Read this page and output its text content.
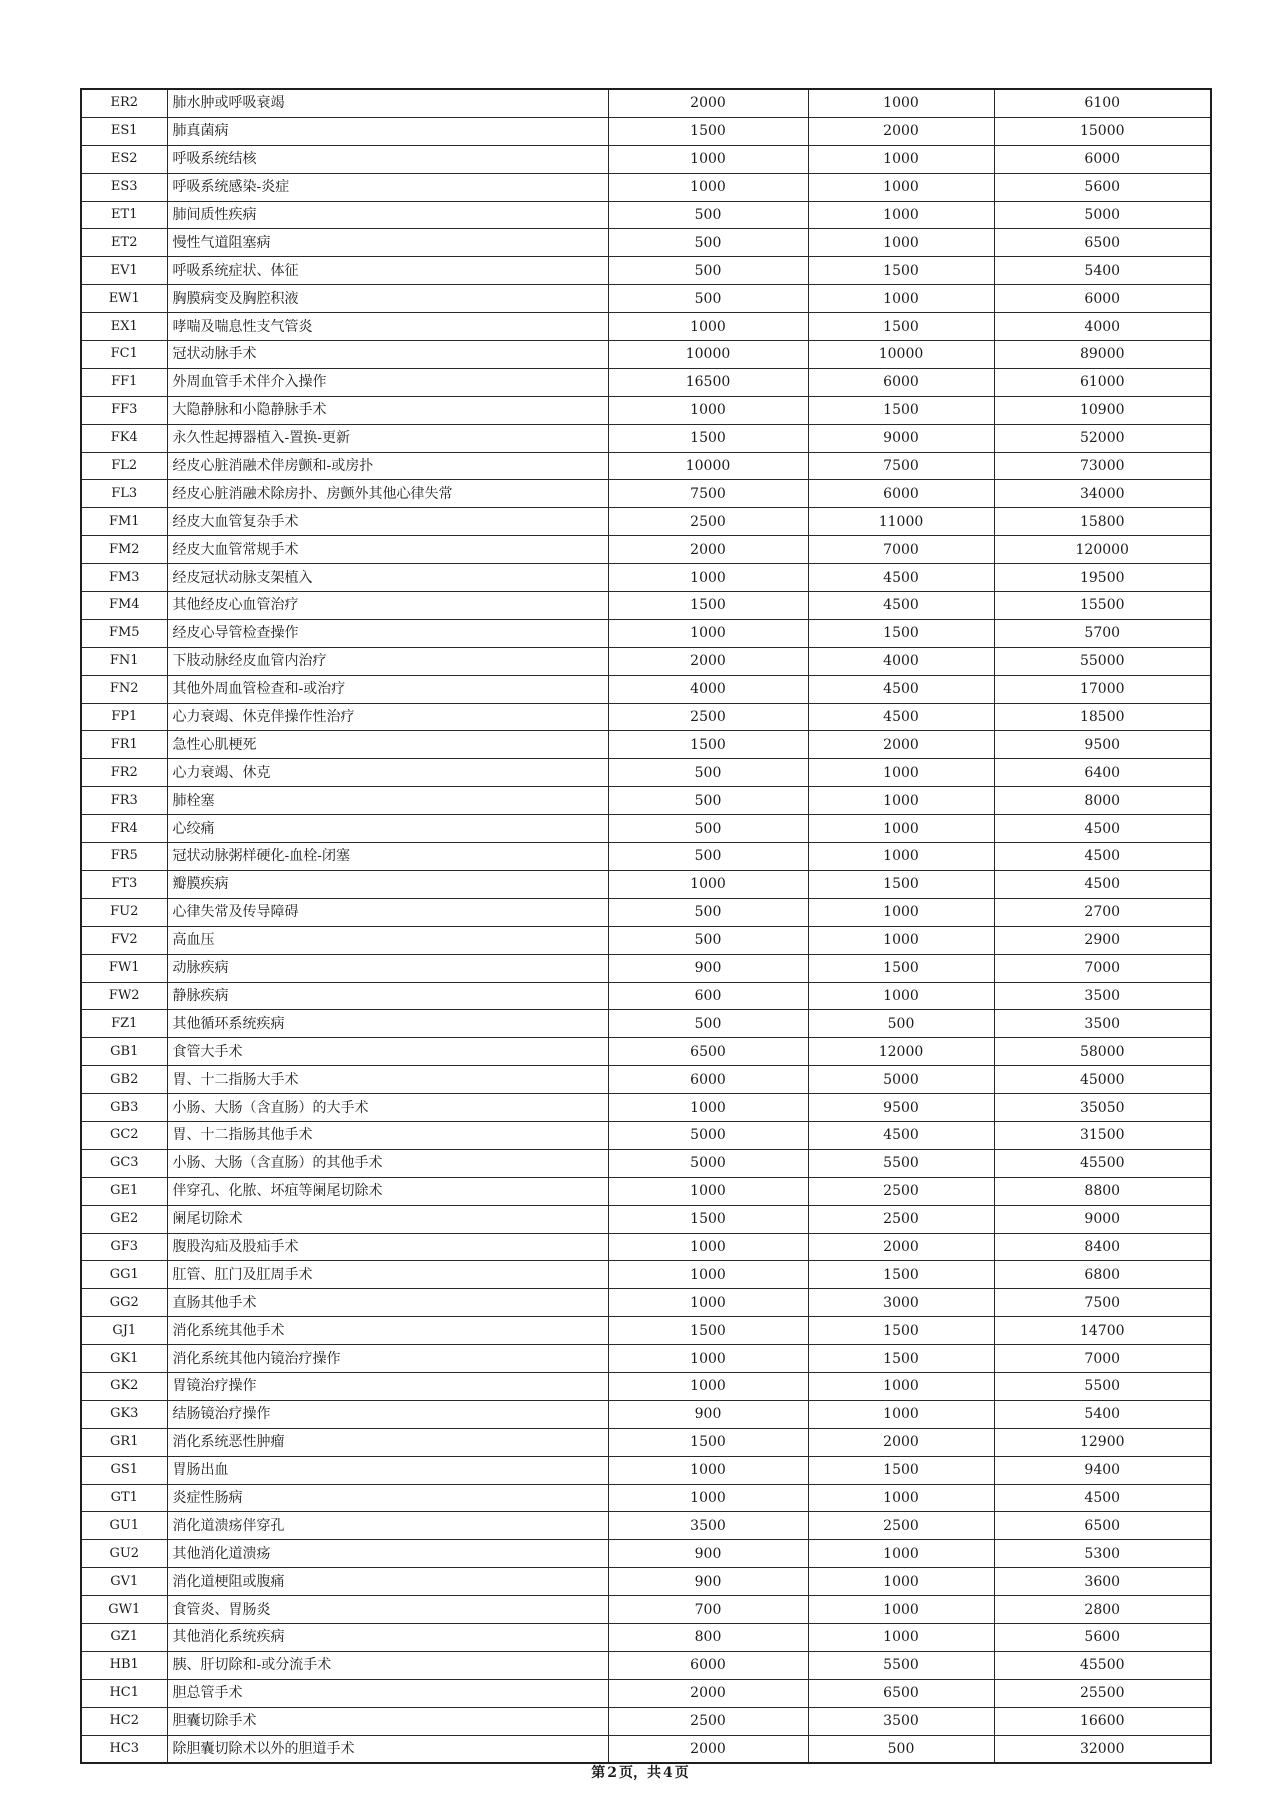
ER2	肺水肿或呼吸衰竭	2000	1000	6100
ES1	肺真菌病	1500	2000	15000
ES2	呼吸系统结核	1000	1000	6000
ES3	呼吸系统感染-炎症	1000	1000	5600
ET1	肺间质性疾病	500	1000	5000
ET2	慢性气道阻塞病	500	1000	6500
EV1	呼吸系统症状、体征	500	1500	5400
EW1	胸膜病变及胸腔积液	500	1000	6000
EX1	哮喘及喘息性支气管炎	1000	1500	4000
FC1	冠状动脉手术	10000	10000	89000
FF1	外周血管手术伴介入操作	16500	6000	61000
FF3	大隐静脉和小隐静脉手术	1000	1500	10900
FK4	永久性起搏器植入-置换-更新	1500	9000	52000
FL2	经皮心脏消融术伴房颤和-或房扑	10000	7500	73000
FL3	经皮心脏消融术除房扑、房颤外其他心律失常	7500	6000	34000
FM1	经皮大血管复杂手术	2500	11000	15800
FM2	经皮大血管常规手术	2000	7000	120000
FM3	经皮冠状动脉支架植入	1000	4500	19500
FM4	其他经皮心血管治疗	1500	4500	15500
FM5	经皮心导管检查操作	1000	1500	5700
FN1	下肢动脉经皮血管内治疗	2000	4000	55000
FN2	其他外周血管检查和-或治疗	4000	4500	17000
FP1	心力衰竭、休克伴操作性治疗	2500	4500	18500
FR1	急性心肌梗死	1500	2000	9500
FR2	心力衰竭、休克	500	1000	6400
FR3	肺栓塞	500	1000	8000
FR4	心绞痛	500	1000	4500
FR5	冠状动脉粥样硬化-血栓-闭塞	500	1000	4500
FT3	瓣膜疾病	1000	1500	4500
FU2	心律失常及传导障碍	500	1000	2700
FV2	高血压	500	1000	2900
FW1	动脉疾病	900	1500	7000
FW2	静脉疾病	600	1000	3500
FZ1	其他循环系统疾病	500	500	3500
GB1	食管大手术	6500	12000	58000
GB2	胃、十二指肠大手术	6000	5000	45000
GB3	小肠、大肠（含直肠）的大手术	1000	9500	35050
GC2	胃、十二指肠其他手术	5000	4500	31500
GC3	小肠、大肠（含直肠）的其他手术	5000	5500	45500
GE1	伴穿孔、化脓、坏疽等阑尾切除术	1000	2500	8800
GE2	阑尾切除术	1500	2500	9000
GF3	腹股沟疝及股疝手术	1000	2000	8400
GG1	肛管、肛门及肛周手术	1000	1500	6800
GG2	直肠其他手术	1000	3000	7500
GJ1	消化系统其他手术	1500	1500	14700
GK1	消化系统其他内镜治疗操作	1000	1500	7000
GK2	胃镜治疗操作	1000	1000	5500
GK3	结肠镜治疗操作	900	1000	5400
GR1	消化系统恶性肿瘤	1500	2000	12900
GS1	胃肠出血	1000	1500	9400
GT1	炎症性肠病	1000	1000	4500
GU1	消化道溃疡伴穿孔	3500	2500	6500
GU2	其他消化道溃疡	900	1000	5300
GV1	消化道梗阻或腹痛	900	1000	3600
GW1	食管炎、胃肠炎	700	1000	2800
GZ1	其他消化系统疾病	800	1000	5600
HB1	胰、肝切除和-或分流手术	6000	5500	45500
HC1	胆总管手术	2000	6500	25500
HC2	胆囊切除手术	2500	3500	16600
HC3	除胆囊切除术以外的胆道手术	2000	500	32000
第 2 页，共 4 页
